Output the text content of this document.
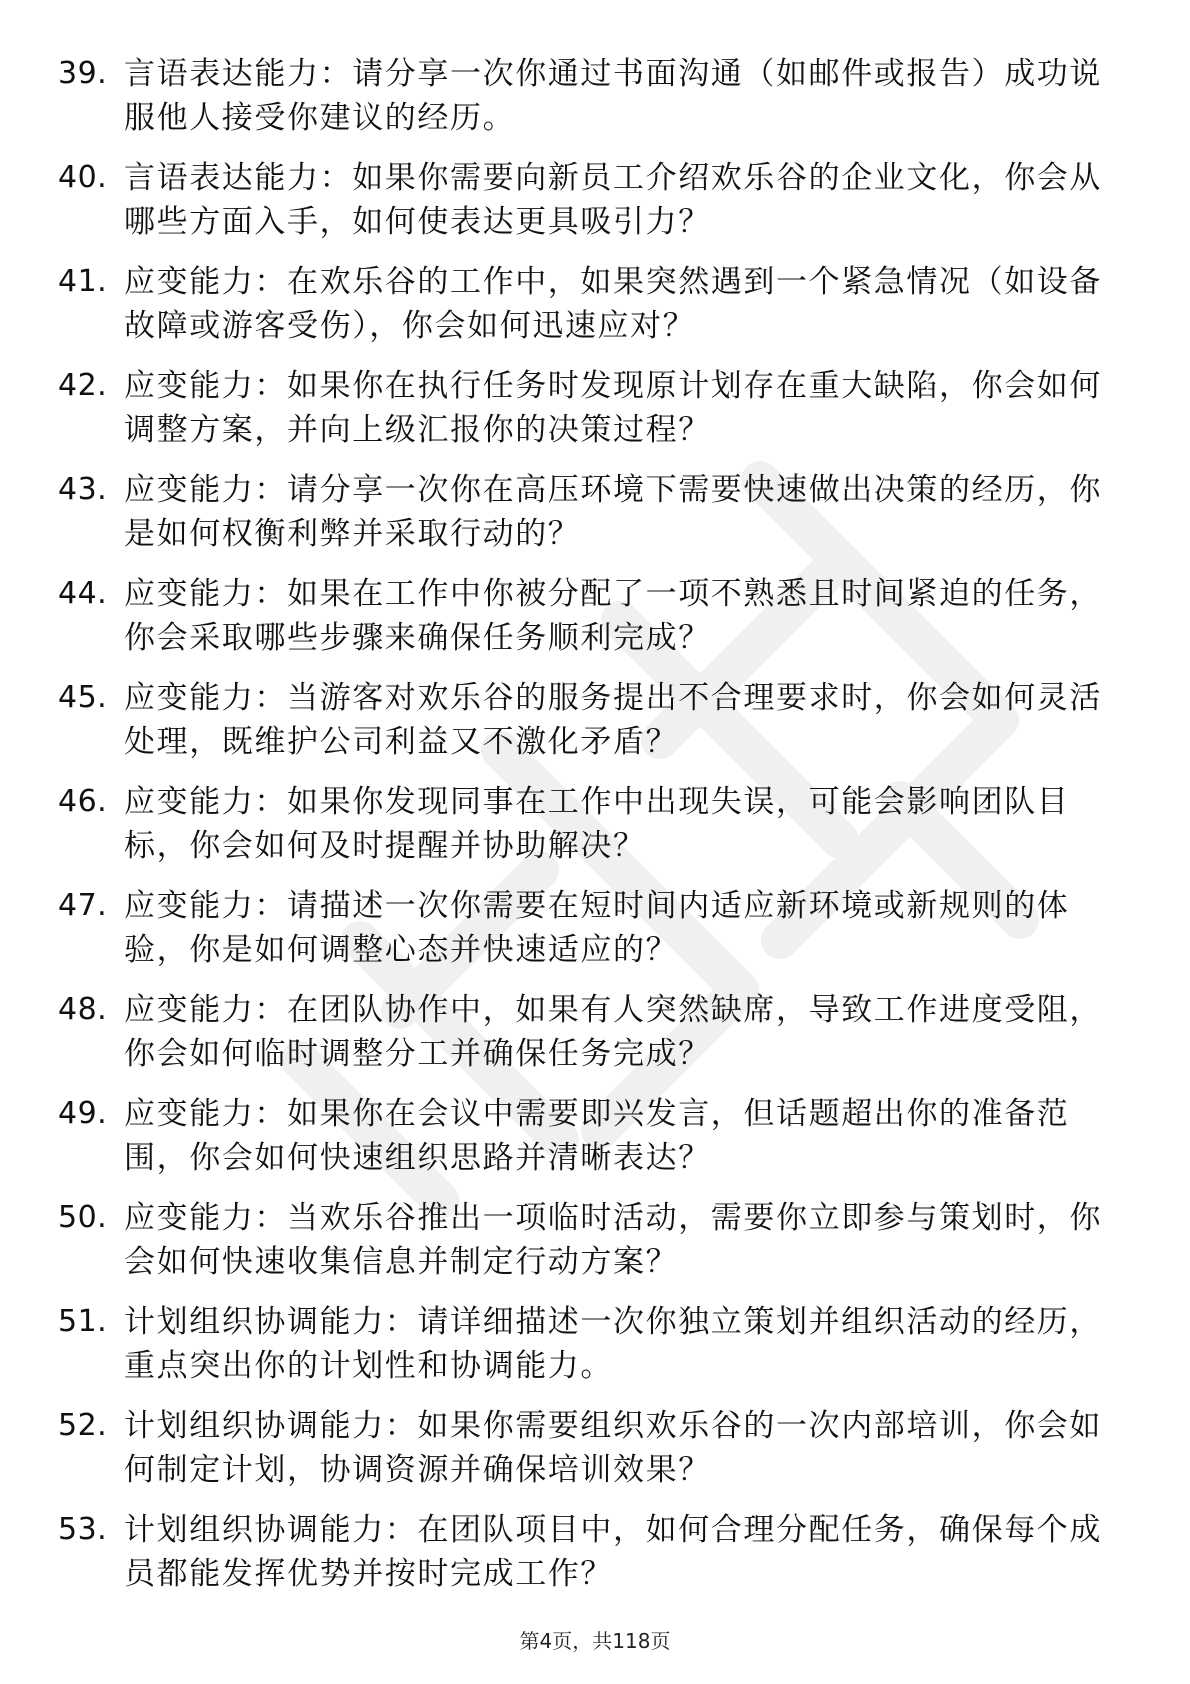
39. 言语表达能力：请分享一次你通过书面沟通（如邮件或报告）成功说服他人接受你建议的经历。
40. 言语表达能力：如果你需要向新员工介绍欢乐谷的企业文化，你会从哪些方面入手，如何使表达更具吸引力？
41. 应变能力：在欢乐谷的工作中，如果突然遇到一个紧急情况（如设备故障或游客受伤），你会如何迅速应对？
42. 应变能力：如果你在执行任务时发现原计划存在重大缺陷，你会如何调整方案，并向上级汇报你的决策过程？
43. 应变能力：请分享一次你在高压环境下需要快速做出决策的经历，你是如何权衡利弊并采取行动的？
44. 应变能力：如果在工作中你被分配了一项不熟悉且时间紧迫的任务，你会采取哪些步骤来确保任务顺利完成？
45. 应变能力：当游客对欢乐谷的服务提出不合理要求时，你会如何灵活处理，既维护公司利益又不激化矛盾？
46. 应变能力：如果你发现同事在工作中出现失误，可能会影响团队目标，你会如何及时提醒并协助解决？
47. 应变能力：请描述一次你需要在短时间内适应新环境或新规则的体验，你是如何调整心态并快速适应的？
48. 应变能力：在团队协作中，如果有人突然缺席，导致工作进度受阻，你会如何临时调整分工并确保任务完成？
49. 应变能力：如果你在会议中需要即兴发言，但话题超出你的准备范围，你会如何快速组织思路并清晰表达？
50. 应变能力：当欢乐谷推出一项临时活动，需要你立即参与策划时，你会如何快速收集信息并制定行动方案？
51. 计划组织协调能力：请详细描述一次你独立策划并组织活动的经历，重点突出你的计划性和协调能力。
52. 计划组织协调能力：如果你需要组织欢乐谷的一次内部培训，你会如何制定计划，协调资源并确保培训效果？
53. 计划组织协调能力：在团队项目中，如何合理分配任务，确保每个成员都能发挥优势并按时完成工作？
第4页，共118页
